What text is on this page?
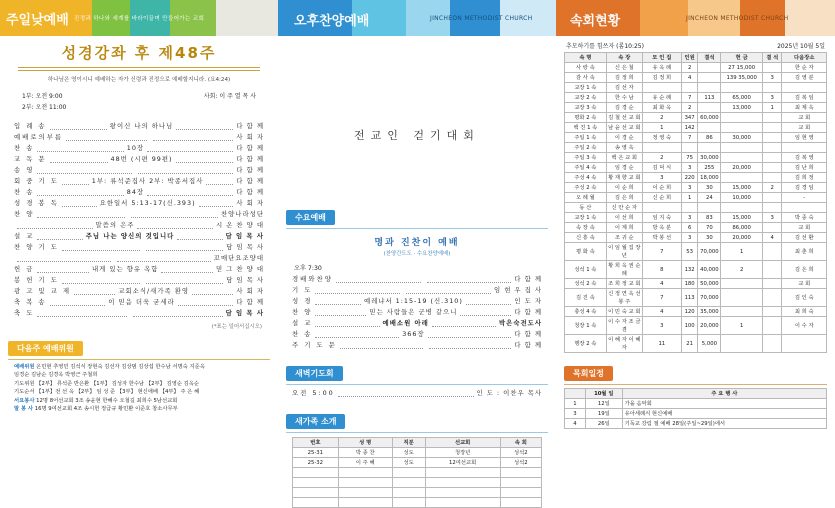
주일낮예배 진정과 하나와 세계를 바라이끌며 만들어가는 교회
성경강좌 후 제48주
하나님은 영이시니 예배하는 자가 신령과 진정으로 예배할지니라. (요4:24)
1부: 오전 9:00
2부: 오전 11:00
사회: 이 주 열 목 사
입 례 송	왕이신 나의 하나님	다 함 께
예배로의부름	사 회 자
찬 송	10장	다 함 께
교 독 문	48번 (시편 99편)	다 함 께
송 영	다 함 께
회 중 기 도	1부: 류석준집사 2부: 박종서집사	다 함 께
찬 송	84장	다 함 께
성 경 봉 독	요한일서 5:13-17(신.393)	사 회 자
찬 양	찬양나라성단
말씀의 은주	시 온 찬 양 대
설 교	주님 나는 양신의 것입니다	담 임 목 사
찬 양 기 도	담 임 목 사
꼬매단요조양대
헌 금	내게 있는 향유 옥함	믿 그 찬 양 대
봉 헌 기 도	담 임 목 사
광 고 및 교 제	교회소식/새가족 환영	사 회 자
축 복 송	이 믿음 더욱 굳세라	다 함 께
축 도	담 임 목 사
(*표는 일어서십시오)
다음주 예배위원
예배위원 온민현 추영민 김석식 장현숙 김선자 김상범 김상섭 한수남 서명숙 지준옥
임경순 김남순 김경옥 박영근 주철희
기도위원 【2부】 류석준 반은환 【1부】 김성자 한수남 【2부】 김영순 김옥순
기도순서 【1부】전 선 옥 【2부】 임 성 준 【3부】 현신애배 【4부】 주 은 혜
서요봉사 12명 8어선교회 3조 송윤현 한혜수 오철길 최희수 5남선교회
말 봉 사 16명 9여선교회 4조 송시헌 정급규 황민환 이준호 창소사무부
오후찬양예배	JINCHEON METHODIST CHURCH
전교인 걷기대회
수요예배
명과 진찬이 예배
(찬양간도도 · 수요찬양예배)
오후 7:30
경배와찬양	다 함 께
기 도	임 현 우 집 사
성 경	예레냐서 1:15-19 (신.310)	인 도 자
찬 양	믿는 사람들은 군병 같으니	다 함 께
설 교	예배소원 아래	박은숙전도사
찬 송	366장	다 함 께
주 기 도 문	다 함 께
새벽기도회
오전 5:00	인 도 : 이찬우 목사
새가족 소개
번호	성 명	직분	선교회	속 회
25-31	박 종 찬	성도	청장년	성석2
25-32	이 주 혜	성도	12여선교회	성석2

속회현황	JINCHEON METHODIST CHURCH
추모하기를 힘쓰자 (롬10:25)	2025년 10월 5일
속 명	속 장	모 인 집	인원	결석	헌 금	결 석	다음장소
사 랑 속	신 은 철	유 옥 례	2		27 15,000		한 순 자
감 사 속	김 정 희	김 정 희	4		139 35,000	3	김 영 분
교장 1 속	김 선 자						
교장 2 속	한 수 남	유 순 례	7	113	65,000	3	김 복 임
교장 3 속	김 경 순	최 화 옥	2		13,000	1	최 제 옥
평화 2 속	김 철 선 교 회	2	347	60,000			교 회
백 진 1 속	남 윤 선 교 회	1	142				교 회
주일 1 속	이 경 순	정 영 숙	7	86	30,000		임 현 영
주일 2 속	송 영 옥						
주일 3 속	백 은 교 회	2	75	30,000			김 복 영
주일 4 속	임 경 순	김 덕 식	3	255	20,000		김 난 희
주성 4 속	황 재 향 교 회	3	220	18,000			김 희 정
주성 2 속	이 순 희	이 순 희	3	30	15,000	2	김 경 임
오 례 월	김 은 희	신 순 희	1	24	10,000		-
동 산	신 안 순 자						
교장 1 속	이 선 희	임 지 숙	3	83	15,000	3	박 종 숙
속 장 속	이 계 희	방 옥 분	6	70	86,000		교 회
신 흥 속	조 귀 순	박 봉 선	3	30	20,000	4	김 선 환
평 화 속	이 임 월 집 장 년	7	53	70,000	1		최 춘 희
성석 1 속	황 희 옥 권 순 례	8	132	40,000	2		김 은 희
성석 2 속	조 희 정 교 회	4	180	50,000			교 회
김 진 속	신 정 연 옥 선 봉 주	7	113	70,000			김 인 숙
충성 4 속	이 민 숙 교 회	4	120	35,000			최 희 숙
청장 1 속	이 수 자 조 금 겸	3	100	20,000	1		이 수 자
행장 2 속	이 혜 자 이 혜 자	11	21	5,000			
목회일정
	10월 일	주 요 행 사
1	12일	가을 음악회
3	19일	유아세례식 현신예배
4	26일	기독교 강림 절 예배 28일(주일~29일)에서
